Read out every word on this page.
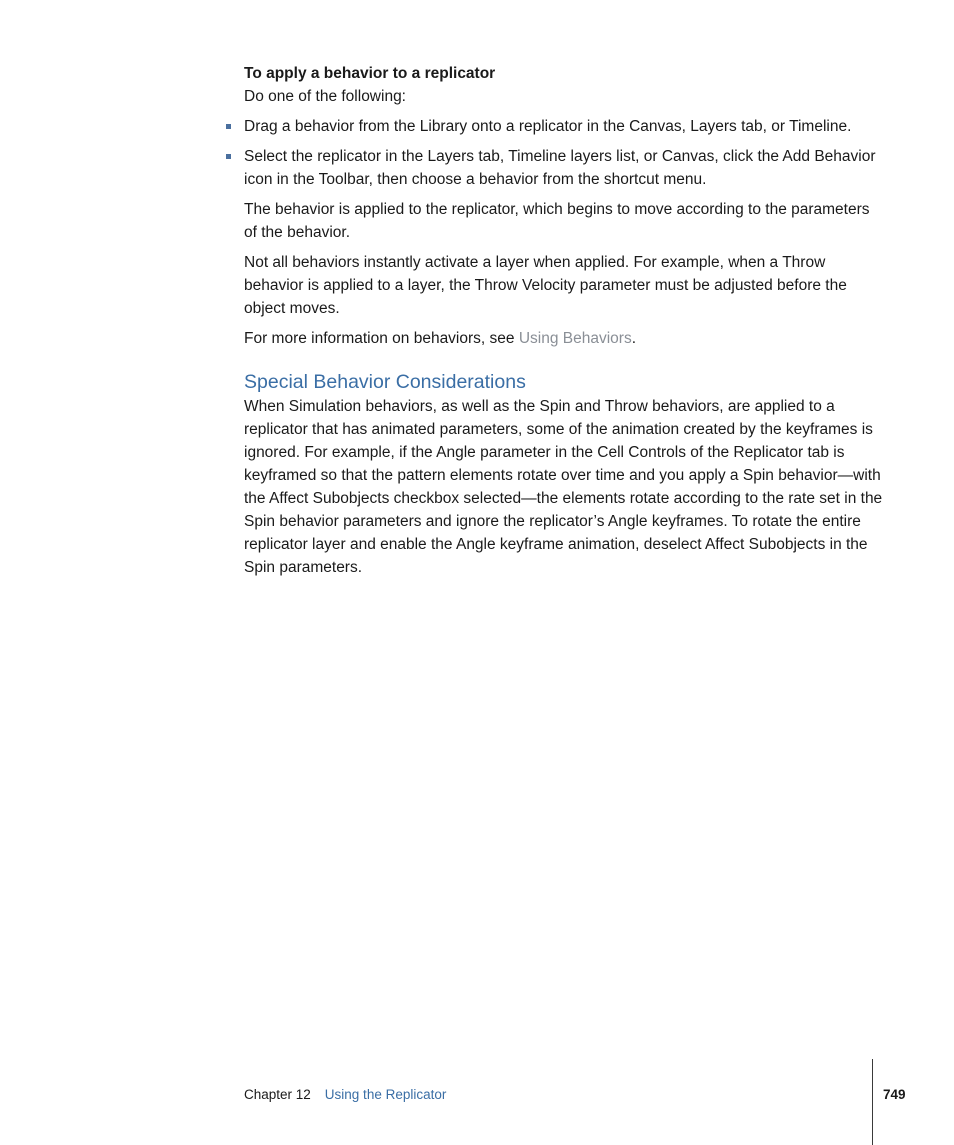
To apply a behavior to a replicator

Do one of the following:

Drag a behavior from the Library onto a replicator in the Canvas, Layers tab, or Timeline.
Select the replicator in the Layers tab, Timeline layers list, or Canvas, click the Add Behavior icon in the Toolbar, then choose a behavior from the shortcut menu.

The behavior is applied to the replicator, which begins to move according to the parameters of the behavior.

Not all behaviors instantly activate a layer when applied. For example, when a Throw behavior is applied to a layer, the Throw Velocity parameter must be adjusted before the object moves.

For more information on behaviors, see Using Behaviors.

Special Behavior Considerations

When Simulation behaviors, as well as the Spin and Throw behaviors, are applied to a replicator that has animated parameters, some of the animation created by the keyframes is ignored. For example, if the Angle parameter in the Cell Controls of the Replicator tab is keyframed so that the pattern elements rotate over time and you apply a Spin behavior—with the Affect Subobjects checkbox selected—the elements rotate according to the rate set in the Spin behavior parameters and ignore the replicator’s Angle keyframes. To rotate the entire replicator layer and enable the Angle keyframe animation, deselect Affect Subobjects in the Spin parameters.

Chapter 12 Using the Replicator	749
